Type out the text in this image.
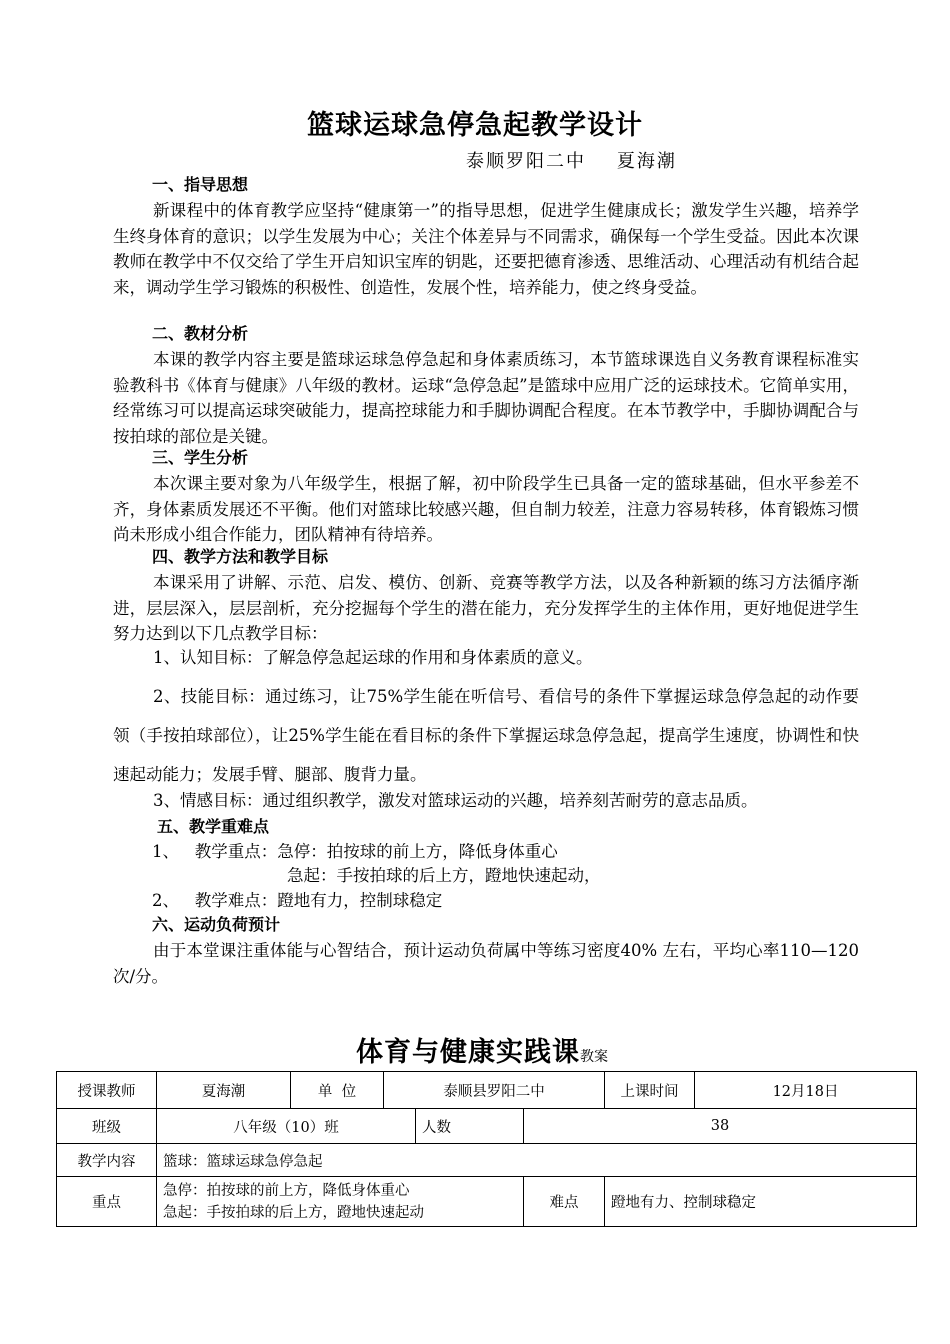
篮球运球急停急起教学设计
泰顺罗阳二中    夏海潮
一、指导思想

新课程中的体育教学应坚持“健康第一”的指导思想，促进学生健康成长；激发学生兴趣，培养学生终身体育的意识；以学生发展为中心；关注个体差异与不同需求，确保每一个学生受益。因此本次课教师在教学中不仅交给了学生开启知识宝库的钥匙，还要把德育渗透、思维活动、心理活动有机结合起来，调动学生学习锻炼的积极性、创造性，发展个性，培养能力，使之终身受益。

二、教材分析

本课的教学内容主要是篮球运球急停急起和身体素质练习，本节篮球课选自义务教育课程标准实验教科书《体育与健康》八年级的教材。运球“急停急起”是篮球中应用广泛的运球技术。它简单实用，经常练习可以提高运球突破能力，提高控球能力和手脚协调配合程度。在本节教学中，手脚协调配合与按拍球的部位是关键。

三、学生分析

本次课主要对象为八年级学生，根据了解，初中阶段学生已具备一定的篮球基础，但水平参差不齐，身体素质发展还不平衡。他们对篮球比较感兴趣，但自制力较差，注意力容易转移，体育锻炼习惯尚未形成小组合作能力，团队精神有待培养。

四、教学方法和教学目标

本课采用了讲解、示范、启发、模仿、创新、竞赛等教学方法，以及各种新颖的练习方法循序渐进，层层深入，层层剖析，充分挖掘每个学生的潜在能力，充分发挥学生的主体作用，更好地促进学生努力达到以下几点教学目标：

1、认知目标：了解急停急起运球的作用和身体素质的意义。

2、技能目标：通过练习，让75%学生能在听信号、看信号的条件下掌握运球急停急起的动作要领（手按拍球部位），让25%学生能在看目标的条件下掌握运球急停急起，提高学生速度，协调性和快速起动能力；发展手臂、腿部、腹背力量。

3、情感目标：通过组织教学，激发对篮球运动的兴趣，培养刻苦耐劳的意志品质。

五、教学重难点
1、   教学重点：急停：拍按球的前上方，降低身体重心
急起：手按拍球的后上方，蹬地快速起动，
2、   教学难点：蹬地有力，控制球稳定
六、运动负荷预计

由于本堂课注重体能与心智结合，预计运动负荷属中等练习密度40% 左右，平均心率110—120次/分。

体育与健康实践课教案
授课教师	夏海潮	单  位	泰顺县罗阳二中			上课时间	12月18日
班级	八年级（10）班			人数	38		
教学内容	篮球：篮球运球急停急起						
重点	急停：拍按球的前上方，降低身体重心
急起：手按拍球的后上方，蹬地快速起动				难点	蹬地有力、控制球稳定	
